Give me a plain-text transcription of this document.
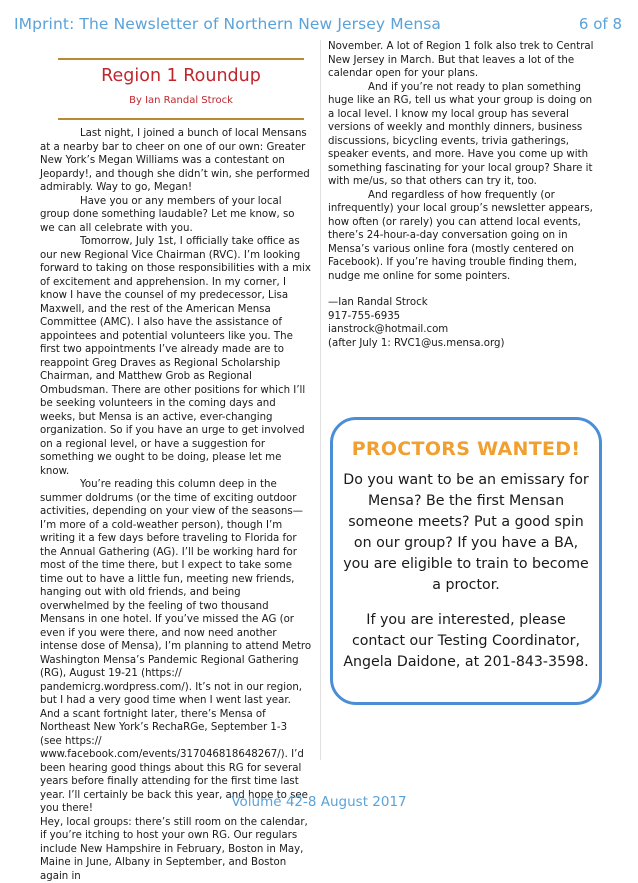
IMprint: The Newsletter of Northern New Jersey Mensa	6 of 8
Region 1 Roundup
By Ian Randal Strock

Last night, I joined a bunch of local Mensans at a nearby bar to cheer on one of our own: Greater New York’s Megan Williams was a contestant on Jeopardy!, and though she didn’t win, she performed admirably. Way to go, Megan!

Have you or any members of your local group done something laudable? Let me know, so we can all celebrate with you.

Tomorrow, July 1st, I officially take office as our new Regional Vice Chairman (RVC). I’m looking forward to taking on those responsibilities with a mix of excitement and apprehension. In my corner, I know I have the counsel of my predecessor, Lisa Maxwell, and the rest of the American Mensa Committee (AMC). I also have the assistance of appointees and potential volunteers like you. The first two appointments I’ve already made are to reappoint Greg Draves as Regional Scholarship Chairman, and Matthew Grob as Regional Ombudsman. There are other positions for which I’ll be seeking volunteers in the coming days and weeks, but Mensa is an active, ever-changing organization. So if you have an urge to get involved on a regional level, or have a suggestion for something we ought to be doing, please let me know.

You’re reading this column deep in the summer doldrums (or the time of exciting outdoor activities, depending on your view of the seasons—I’m more of a cold-weather person), though I’m writing it a few days before traveling to Florida for the Annual Gathering (AG). I’ll be working hard for most of the time there, but I expect to take some time out to have a little fun, meeting new friends, hanging out with old friends, and being overwhelmed by the feeling of two thousand Mensans in one hotel. If you’ve missed the AG (or even if you were there, and now need another intense dose of Mensa), I’m planning to attend Metro Washington Mensa’s Pandemic Regional Gathering (RG), August 19-21 (https:// pandemicrg.wordpress.com/). It’s not in our region, but I had a very good time when I went last year. And a scant fortnight later, there’s Mensa of Northeast New York’s RechaRGe, September 1-3 (see https:// www.facebook.com/events/317046818648267/). I’d been hearing good things about this RG for several years before finally attending for the first time last year. I’ll certainly be back this year, and hope to see you there!

Hey, local groups: there’s still room on the calendar, if you’re itching to host your own RG. Our regulars include New Hampshire in February, Boston in May, Maine in June, Albany in September, and Boston again in

November. A lot of Region 1 folk also trek to Central New Jersey in March. But that leaves a lot of the calendar open for your plans.

And if you’re not ready to plan something huge like an RG, tell us what your group is doing on a local level. I know my local group has several versions of weekly and monthly dinners, business discussions, bicycling events, trivia gatherings, speaker events, and more. Have you come up with something fascinating for your local group? Share it with me/us, so that others can try it, too.

And regardless of how frequently (or infrequently) your local group’s newsletter appears, how often (or rarely) you can attend local events, there’s 24-hour-a-day conversation going on in Mensa’s various online fora (mostly centered on Facebook). If you’re having trouble finding them, nudge me online for some pointers.

—Ian Randal Strock

917-755-6935

ianstrock@hotmail.com

(after July 1: RVC1@us.mensa.org)

PROCTORS WANTED!
Do you want to be an emissary for Mensa? Be the first Mensan someone meets? Put a good spin on our group? If you have a BA, you are eligible to train to become a proctor.
If you are interested, please contact our Testing Coordinator, Angela Daidone, at 201-843-3598.
Volume 42-8 August 2017
